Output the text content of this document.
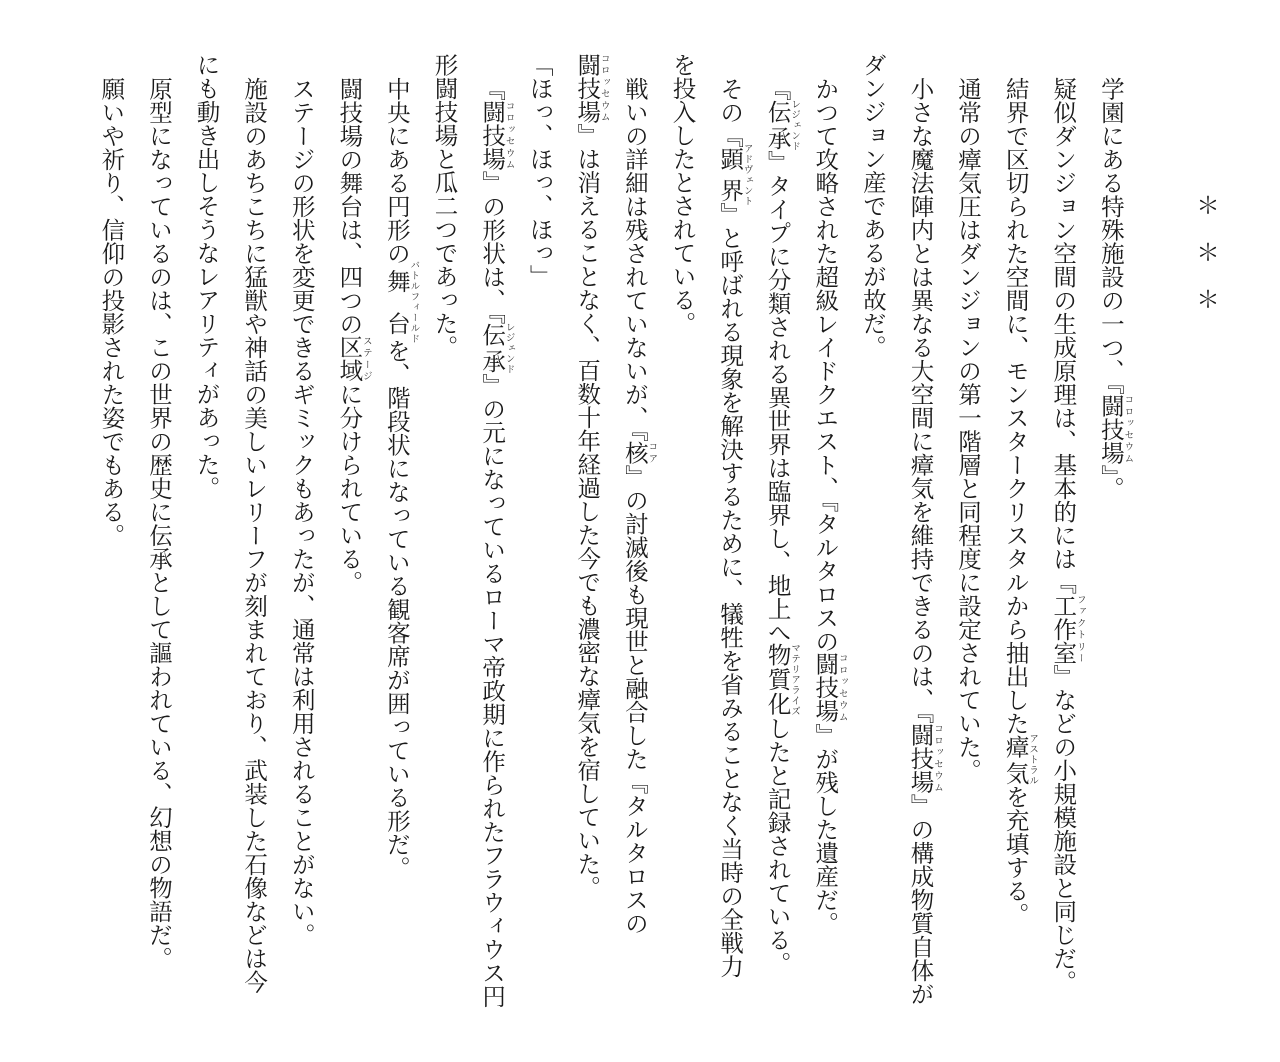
＊　＊　＊
学園にある特殊施設の一つ、『闘技場コロッセウム』。
疑似ダンジョン空間の生成原理は、基本的には『工作室ファクトリー』などの小規模施設と同じだ。
結界で区切られた空間に、モンスタークリスタルから抽出した瘴気アストラルを充填する。
通常の瘴気圧はダンジョンの第一階層と同程度に設定されていた。
小さな魔法陣内とは異なる大空間に瘴気を維持できるのは、『闘技場コロッセウム』の構成物質自体が
ダンジョン産であるが故だ。
かつて攻略された超級レイドクエスト、『タルタロスの闘技場コロッセウム』が残した遺産だ。
『伝承レジェンド』タイプに分類される異世界は臨界し、地上へ物質化マテリアライズしたと記録されている。
その『顕界アドヴェント』と呼ばれる現象を解決するために、犠牲を省みることなく当時の全戦力
を投入したとされている。
戦いの詳細は残されていないが、『核コア』の討滅後も現世と融合した『タルタロスの
闘技場コロッセウム』は消えることなく、百数十年経過した今でも濃密な瘴気を宿していた。
「ほっ、ほっ、ほっ」
『闘技場コロッセウム』の形状は、『伝承レジェンド』の元になっているローマ帝政期に作られたフラウィウス円
形闘技場と瓜二つであった。
中央にある円形の舞台バトルフィールドを、階段状になっている観客席が囲っている形だ。
闘技場の舞台は、四つの区域ステージに分けられている。
ステージの形状を変更できるギミックもあったが、通常は利用されることがない。
施設のあちこちに猛獣や神話の美しいレリーフが刻まれており、武装した石像などは今
にも動き出しそうなレアリティがあった。
原型になっているのは、この世界の歴史に伝承として謳われている、幻想の物語だ。
願いや祈り、信仰の投影された姿でもある。
